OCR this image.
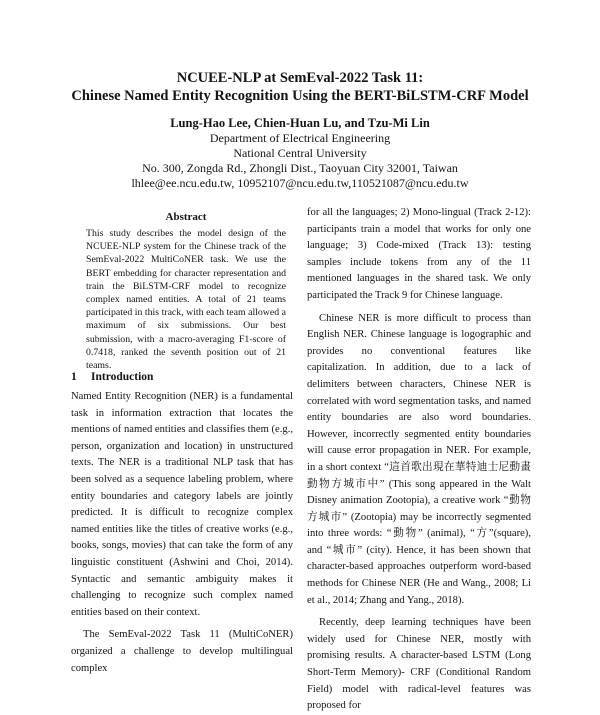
NCUEE-NLP at SemEval-2022 Task 11:
Chinese Named Entity Recognition Using the BERT-BiLSTM-CRF Model
Lung-Hao Lee, Chien-Huan Lu, and Tzu-Mi Lin
Department of Electrical Engineering
National Central University
No. 300, Zongda Rd., Zhongli Dist., Taoyuan City 32001, Taiwan
lhlee@ee.ncu.edu.tw, 10952107@ncu.edu.tw,110521087@ncu.edu.tw
Abstract
This study describes the model design of the NCUEE-NLP system for the Chinese track of the SemEval-2022 MultiCoNER task. We use the BERT embedding for character representation and train the BiLSTM-CRF model to recognize complex named entities. A total of 21 teams participated in this track, with each team allowed a maximum of six submissions. Our best submission, with a macro-averaging F1-score of 0.7418, ranked the seventh position out of 21 teams.
1 Introduction

Named Entity Recognition (NER) is a fundamental task in information extraction that locates the mentions of named entities and classifies them (e.g., person, organization and location) in unstructured texts. The NER is a traditional NLP task that has been solved as a sequence labeling problem, where entity boundaries and category labels are jointly predicted. It is difficult to recognize complex named entities like the titles of creative works (e.g., books, songs, movies) that can take the form of any linguistic constituent (Ashwini and Choi, 2014). Syntactic and semantic ambiguity makes it challenging to recognize such complex named entities based on their context.

The SemEval-2022 Task 11 (MultiCoNER) organized a challenge to develop multilingual complex

for all the languages; 2) Mono-lingual (Track 2-12): participants train a model that works for only one language; 3) Code-mixed (Track 13): testing samples include tokens from any of the 11 mentioned languages in the shared task. We only participated the Track 9 for Chinese language.

Chinese NER is more difficult to process than English NER. Chinese language is logographic and provides no conventional features like capitalization. In addition, due to a lack of delimiters between characters, Chinese NER is correlated with word segmentation tasks, and named entity boundaries are also word boundaries. However, incorrectly segmented entity boundaries will cause error propagation in NER. For example, in a short context “這首歌出現在華特迪士尼動畫動物方城市中” (This song appeared in the Walt Disney animation Zootopia), a creative work “動物方城市” (Zootopia) may be incorrectly segmented into three words: “動物” (animal), “方”(square), and “城市” (city). Hence, it has been shown that character-based approaches outperform word-based methods for Chinese NER (He and Wang., 2008; Li et al., 2014; Zhang and Yang., 2018).

Recently, deep learning techniques have been widely used for Chinese NER, mostly with promising results. A character-based LSTM (Long Short-Term Memory)- CRF (Conditional Random Field) model with radical-level features was proposed for
